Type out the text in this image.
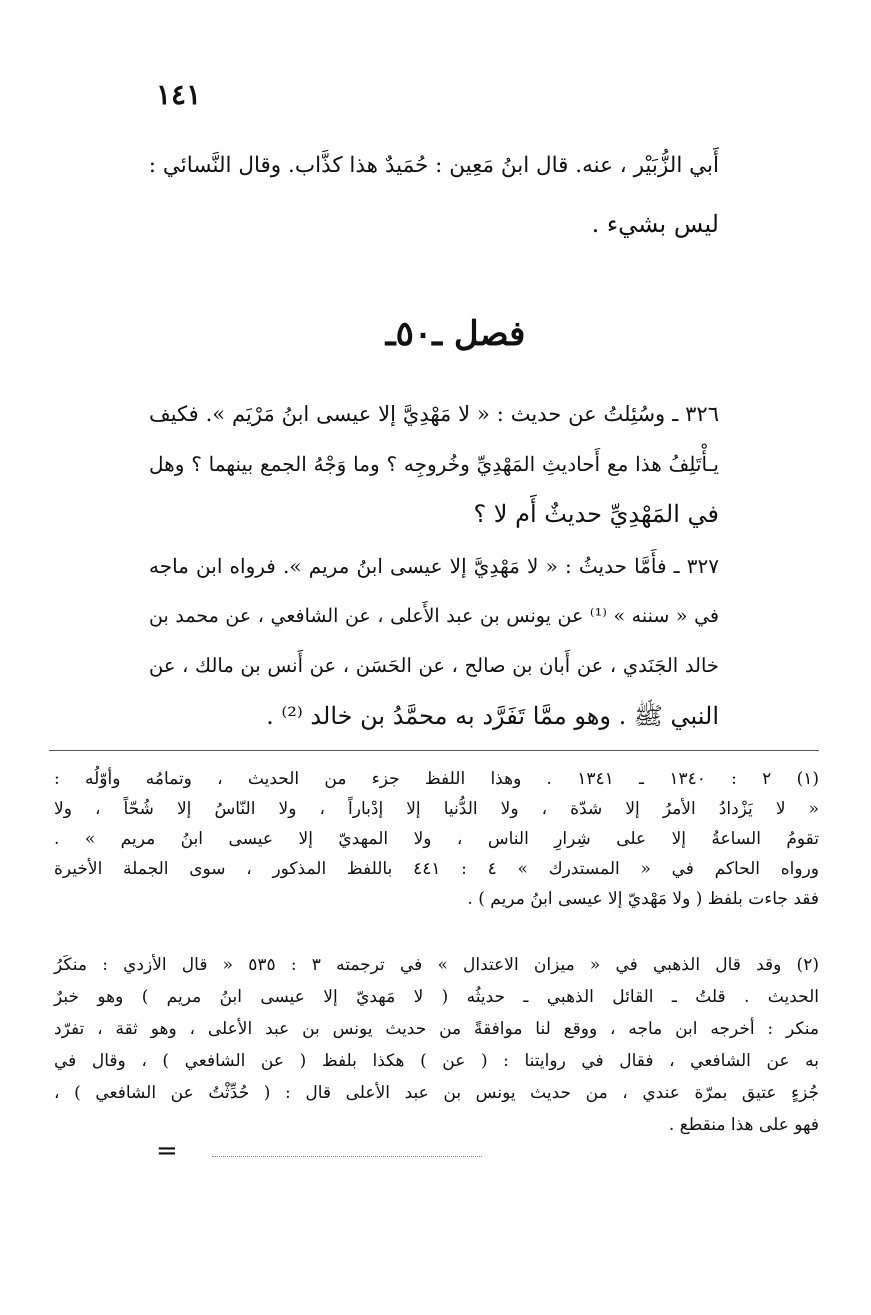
١٤١
أَبي الزُّبَيْر ، عنه. قال ابنُ مَعِين : حُمَيدٌ هذا كذَّاب. وقال النَّسائي :
ليس بشيء .
فصل ـ٥٠ـ
٣٢٦ ـ وسُئِلتُ عن حديث : « لا مَهْدِيَّ إلا عيسى ابنُ مَرْيَم ». فكيف
يـأْتَلِفُ هذا مع أَحاديثِ المَهْدِيِّ وخُروجِه ؟ وما وَجْهُ الجمع بينهما ؟ وهل
في المَهْدِيِّ حديثٌ أَم لا ؟
٣٢٧ ـ فأَمَّا حديثُ : « لا مَهْدِيَّ إلا عيسى ابنُ مريم ». فرواه ابن ماجه
في « سننه » ⁽¹⁾ عن يونس بن عبد الأَعلى ، عن الشافعي ، عن محمد بن
خالد الجَنَدي ، عن أَبان بن صالح ، عن الحَسَن ، عن أَنس بن مالك ، عن
النبي ﷺ . وهو ممَّا تَفَرَّد به محمَّدُ بن خالد ⁽²⁾ .
(١) ٢ : ١٣٤٠ ـ ١٣٤١ . وهذا اللفظ جزء من الحديث ، وتمامُه وأوّلُه :
« لا يَزْدادُ الأمرُ إلا شدّة ، ولا الدُّنيا إلا إدْباراً ، ولا النّاسُ إلا شُحّاً ، ولا
تقومُ الساعةُ إلا على شِرارِ الناس ، ولا المهديّ إلا عيسى ابنُ مريم » .
ورواه الحاكم في « المستدرك » ٤ : ٤٤١ باللفظ المذكور ، سوى الجملة الأخيرة
فقد جاءت بلفظ ( ولا مَهْديّ إلا عيسى ابنُ مريم ) .
(٢) وقد قال الذهبي في « ميزان الاعتدال » في ترجمته ٣ : ٥٣٥ « قال الأزدي : منكَرُ
الحديث . قلتُ ـ القائل الذهبي ـ حديثُه ( لا مَهديّ إلا عيسى ابنُ مريم ) وهو خبرٌ
منكر : أخرجه ابن ماجه ، ووقع لنا موافقةً من حديث يونس بن عبد الأعلى ، وهو ثقة ، تفرّد
به عن الشافعي ، فقال في روايتنا : ( عن ) هكذا بلفظ ( عن الشافعي ) ، وقال في
جُزءٍ عتيق بمرّة عندي ، من حديث يونس بن عبد الأعلى قال : ( حُدِّثْتُ عن الشافعي ) ،
فهو على هذا منقطع .
=
